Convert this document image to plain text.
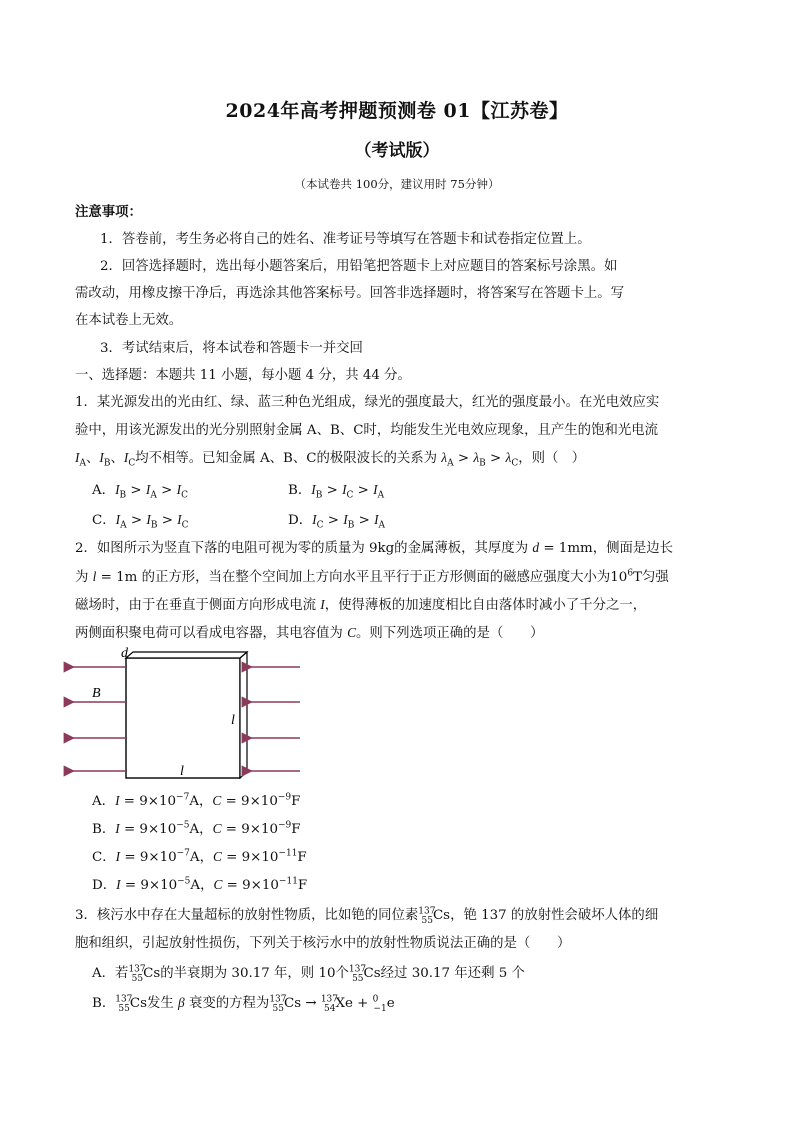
2024年高考押题预测卷 01【江苏卷】
（考试版）
（本试卷共 100分，建议用时 75分钟）
注意事项：
1．答卷前，考生务必将自己的姓名、准考证号等填写在答题卡和试卷指定位置上。
2．回答选择题时，选出每小题答案后，用铅笔把答题卡上对应题目的答案标号涂黑。如
需改动，用橡皮擦干净后，再选涂其他答案标号。回答非选择题时，将答案写在答题卡上。写
在本试卷上无效。
3．考试结束后，将本试卷和答题卡一并交回
一、选择题：本题共 11 小题，每小题 4 分，共 44 分。
1．某光源发出的光由红、绿、蓝三种色光组成，绿光的强度最大，红光的强度最小。在光电效应实
验中，用该光源发出的光分别照射金属 A、B、C时，均能发生光电效应现象，且产生的饱和光电流
$I_A$、$I_B$、$I_C$均不相等。已知金属 A、B、C的极限波长的关系为 $\lambda_A > \lambda_B > \lambda_C$，则（　）
A．$I_B > I_A > I_C$	B．$I_B > I_C > I_A$
C．$I_A > I_B > I_C$	D．$I_C > I_B > I_A$
2．如图所示为竖直下落的电阻可视为零的质量为 9kg的金属薄板，其厚度为 d = 1mm，侧面是边长
为 l = 1m 的正方形，当在整个空间加上方向水平且平行于正方形侧面的磁感应强度大小为$10^6T$匀强
磁场时，由于在垂直于侧面方向形成电流 I，使得薄板的加速度相比自由落体时减小了千分之一，
两侧面积聚电荷可以看成电容器，其电容值为 C。则下列选项正确的是（　　）
d
B
l
l
A．$I = 9\times 10^{-7}A$，$C = 9\times 10^{-9}F$
B．$I = 9\times 10^{-5}A$，$C = 9\times 10^{-9}F$
C．$I = 9\times 10^{-7}A$，$C = 9\times 10^{-11}F$
D．$I = 9\times 10^{-5}A$，$C = 9\times 10^{-11}F$
3．核污水中存在大量超标的放射性物质，比如铯的同位素$^{137}_{55}$Cs，铯 137 的放射性会破坏人体的细
胞和组织，引起放射性损伤，下列关于核污水中的放射性物质说法正确的是（　　）
A．若$^{137}_{55}$Cs的半衰期为 30.17 年，则 10个$^{137}_{55}$Cs经过 30.17 年还剩 5 个
B．$^{137}_{55}$Cs发生 β 衰变的方程为$^{137}_{55}$Cs → $^{137}_{54}$Xe + $^0_{-1}$e
